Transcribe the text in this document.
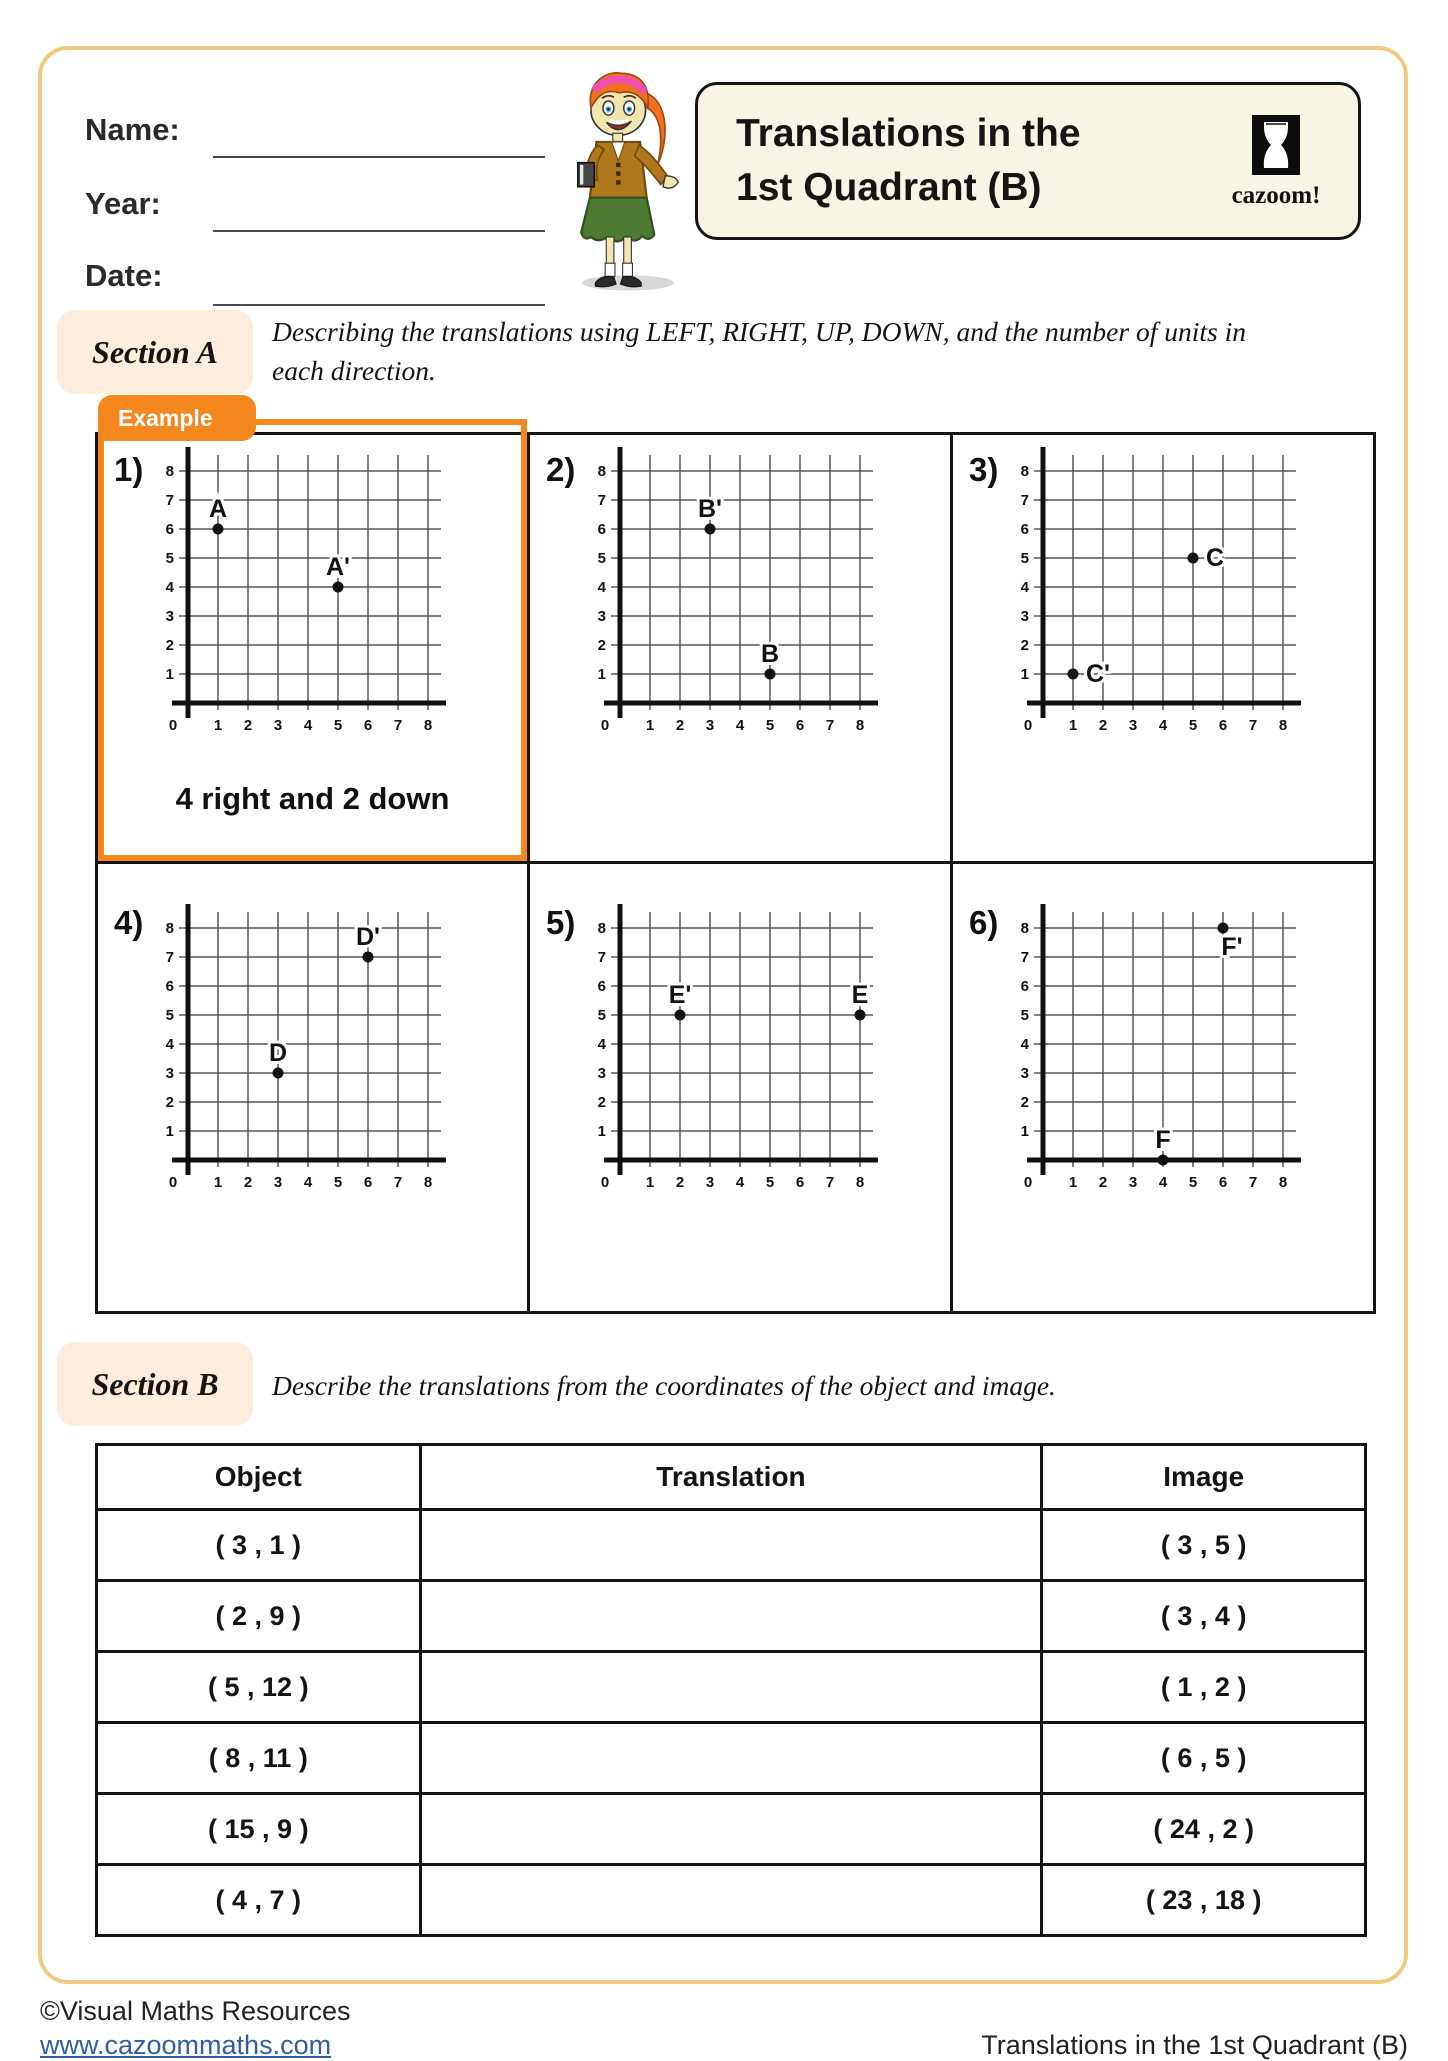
Name:
Year:
Date:
Translations in the
1st Quadrant (B)	cazoom!
Section A
Describing the translations using LEFT, RIGHT, UP, DOWN, and the number of units in
each direction.
1)
0 1 2 3 4 5 6 7 8
1
2
3
4
5
6
7
8
A
A'
4 right and 2 down
Example
2)
0 1 2 3 4 5 6 7 8
1
2
3
4
5
6
7
8
B'
B
3)
0 1 2 3 4 5 6 7 8
1
2
3
4
5
6
7
8
C
C'
4)
0 1 2 3 4 5 6 7 8
1
2
3
4
5
6
7
8	D'
D
5)
0 1 2 3 4 5 6 7 8
1
2
3
4
5
6
7
8
E'	E
6)
0 1 2 3 4 5 6 7 8
1
2
3
4
5
6
7
8
F'
F
Section B Describe the translations from the coordinates of the object and image.
Object	Translation	Image
( 3 , 1 )		( 3 , 5 )
( 2 , 9 )		( 3 , 4 )
( 5 , 12 )		( 1 , 2 )
( 8 , 11 )		( 6 , 5 )
( 15 , 9 )		( 24 , 2 )
( 4 , 7 )		( 23 , 18 )
©Visual Maths Resources
www.cazoommaths.com	Translations in the 1st Quadrant (B)
